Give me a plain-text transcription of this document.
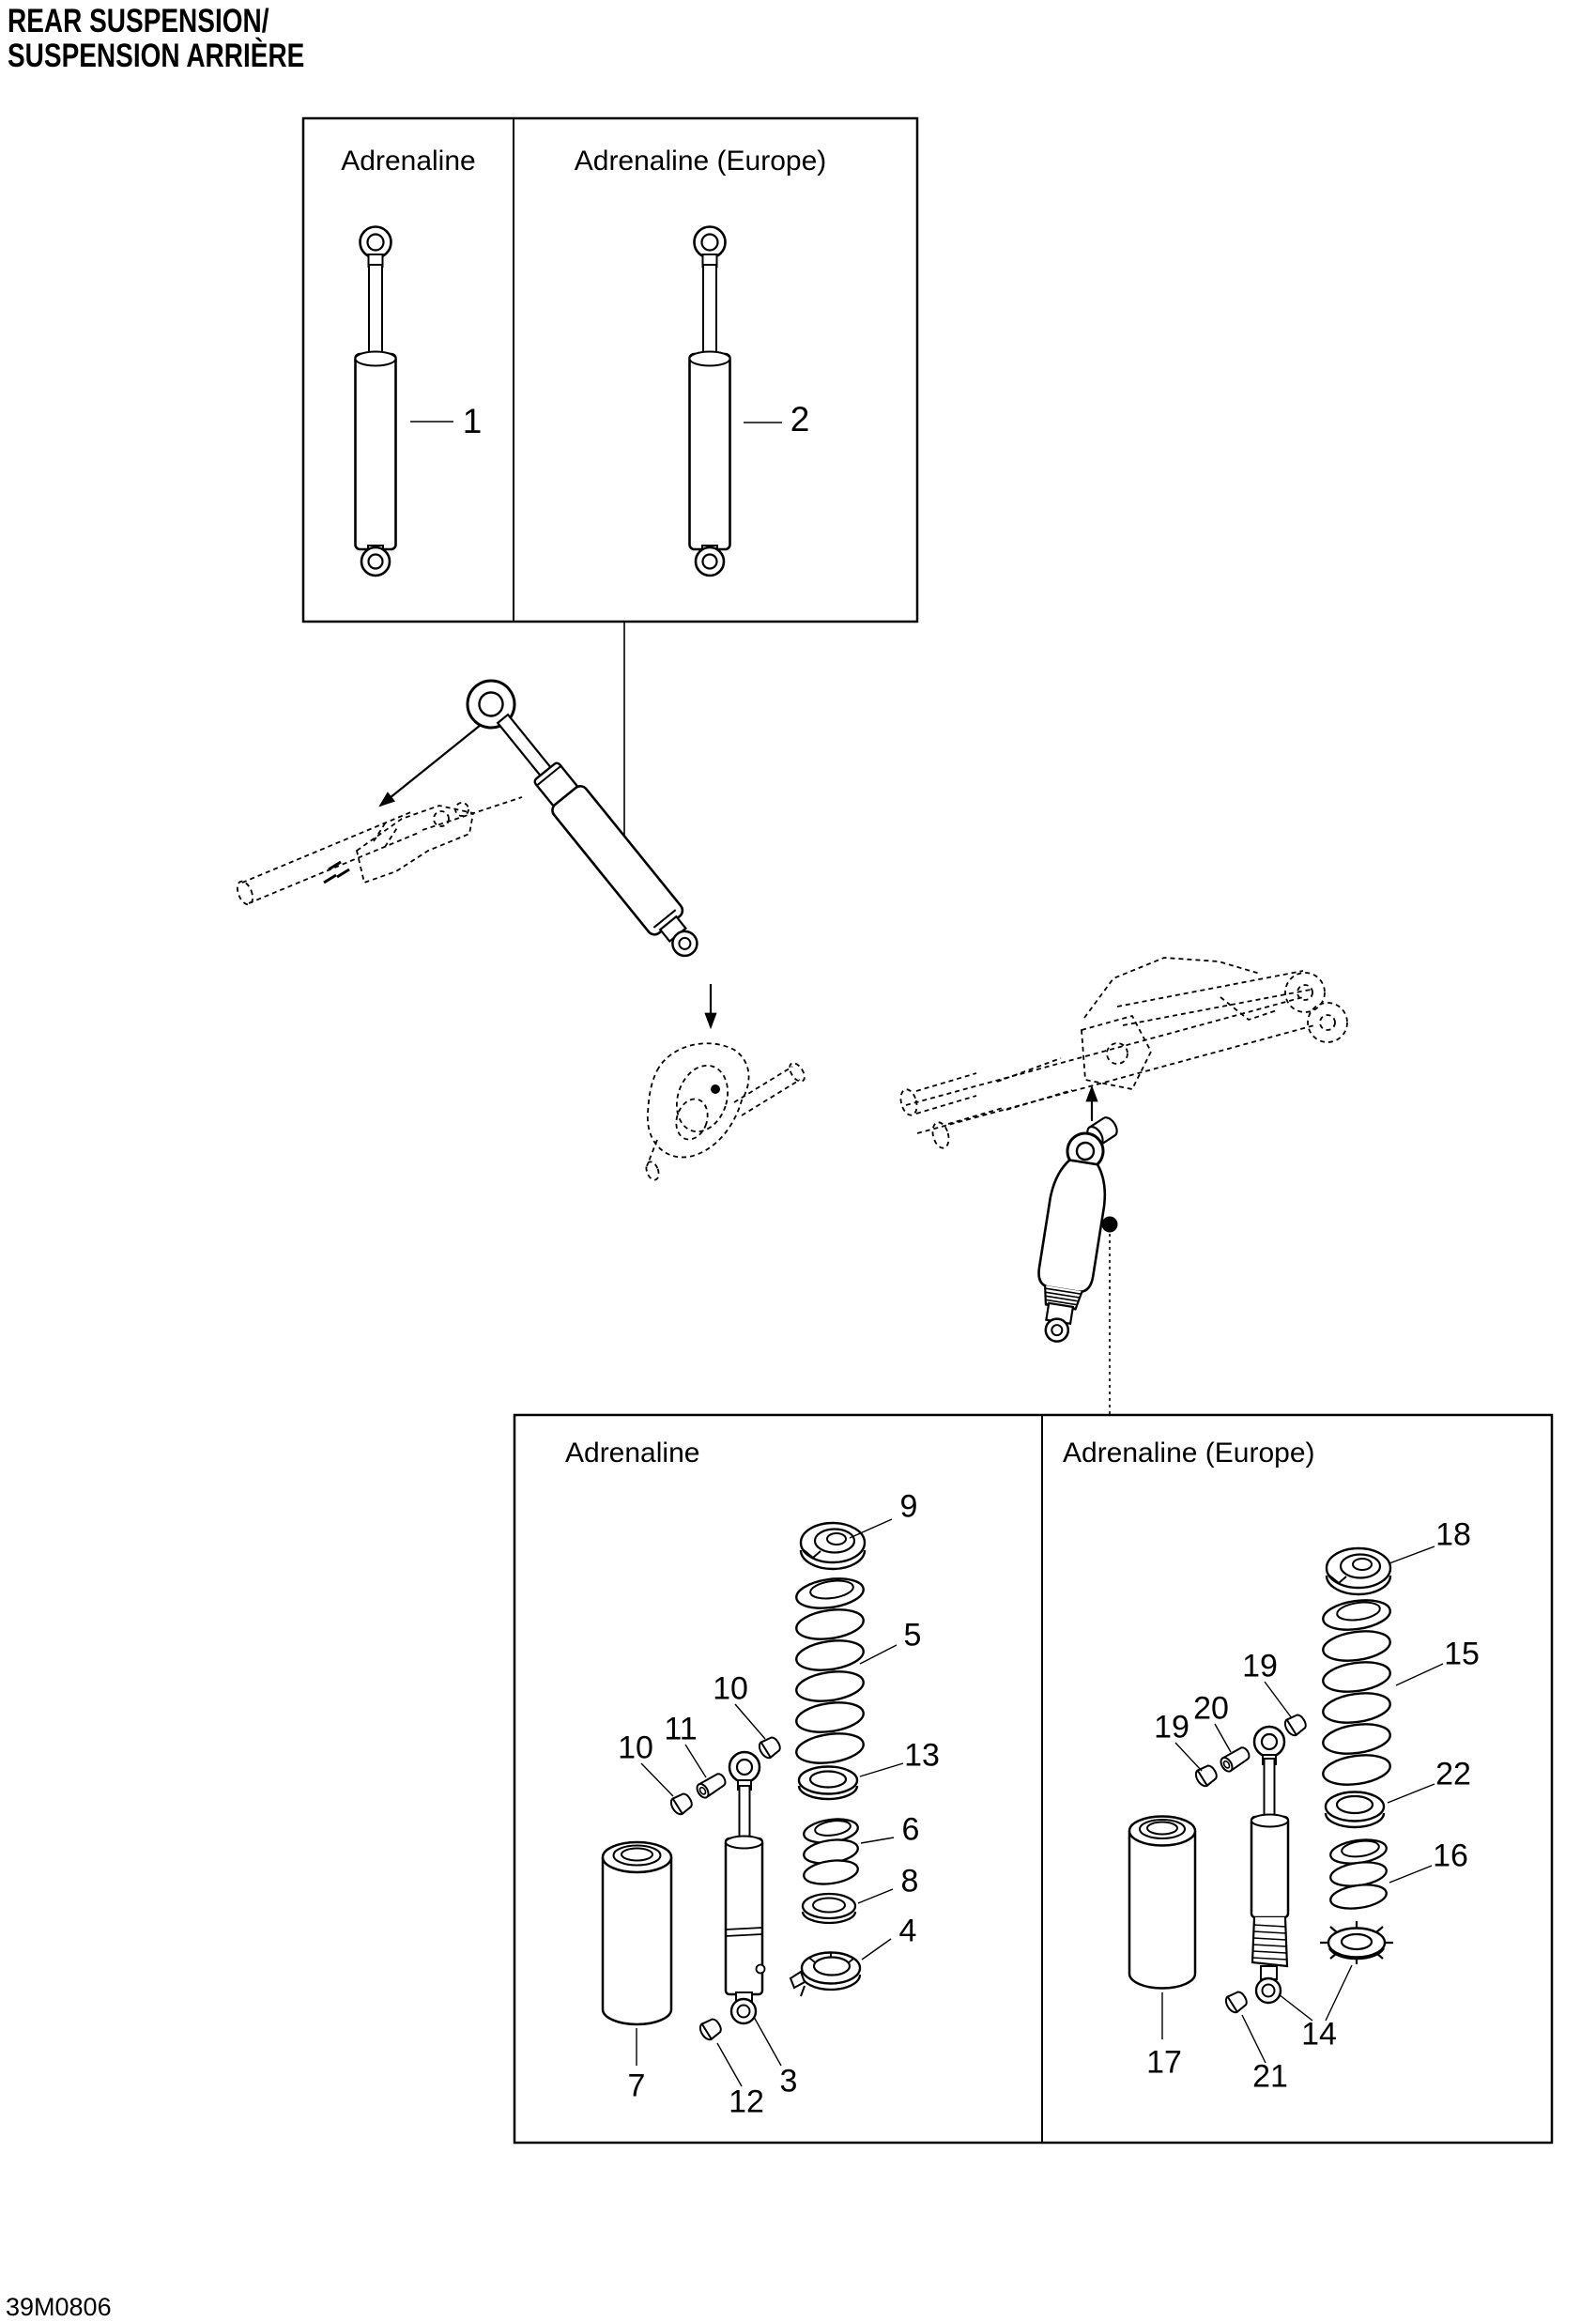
REAR SUSPENSION/
SUSPENSION ARRIÈRE
Adrenaline	Adrenaline (Europe)
1	2
Adrenaline	Adrenaline (Europe)
9
5
10
11
10	13
6
8
4
7	12
3
18
15
19
20
19
22
16
14
17 21
39M0806
